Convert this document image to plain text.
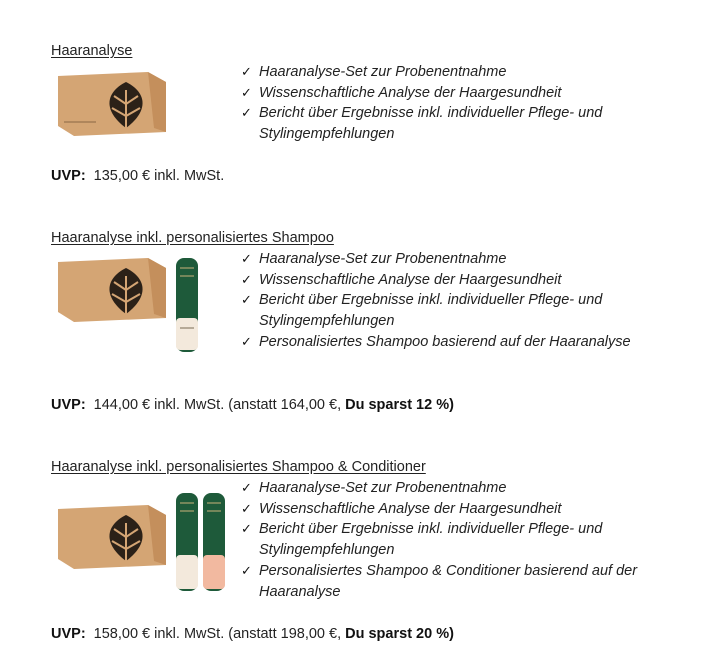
Haaranalyse
✓ Haaranalyse-Set zur Probenentnahme
✓ Wissenschaftliche Analyse der Haargesundheit
✓ Bericht über Ergebnisse inkl. individueller Pflege- und Stylingempfehlungen
UVP: 135,00 € inkl. MwSt.
Haaranalyse inkl. personalisiertes Shampoo
✓ Haaranalyse-Set zur Probenentnahme
✓ Wissenschaftliche Analyse der Haargesundheit
✓ Bericht über Ergebnisse inkl. individueller Pflege- und Stylingempfehlungen
✓ Personalisiertes Shampoo basierend auf der Haaranalyse
UVP: 144,00 € inkl. MwSt. (anstatt 164,00 €, Du sparst 12 %)
Haaranalyse inkl. personalisiertes Shampoo & Conditioner
✓ Haaranalyse-Set zur Probenentnahme
✓ Wissenschaftliche Analyse der Haargesundheit
✓ Bericht über Ergebnisse inkl. individueller Pflege- und Stylingempfehlungen
✓ Personalisiertes Shampoo & Conditioner basierend auf der Haaranalyse
UVP: 158,00 € inkl. MwSt. (anstatt 198,00 €, Du sparst 20 %)
